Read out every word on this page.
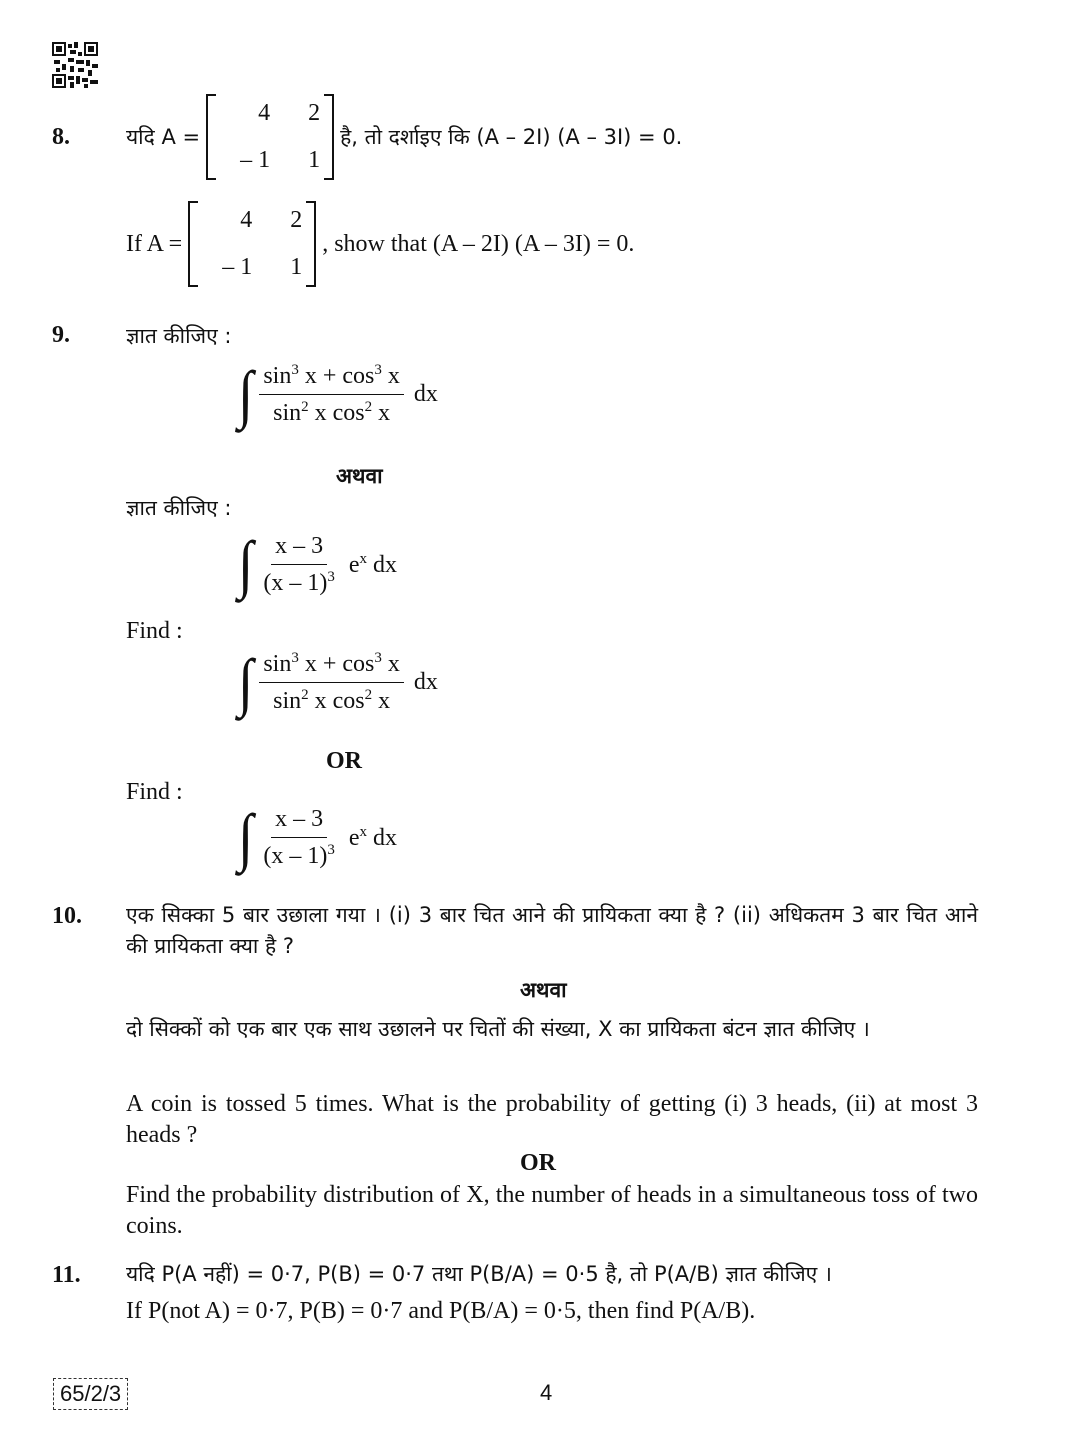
8.	यदि A =
4	2
– 1	1
है, तो दर्शाइए कि (A – 2I) (A – 3I) = 0.
If A =
4	2
– 1	1
, show that (A – 2I) (A – 3I) = 0.
9.	ज्ञात कीजिए :
∫ $\frac{\sin^3 x + \cos^3 x}{\sin^2 x \cos^2 x}$ dx
अथवा
ज्ञात कीजिए :
∫ $\frac{x - 3}{(x - 1)^3} e^x$ dx
Find :
∫ $\frac{\sin^3 x + \cos^3 x}{\sin^2 x \cos^2 x}$ dx
OR
Find :
∫ $\frac{x - 3}{(x - 1)^3} e^x$ dx
10. एक सिक्का 5 बार उछाला गया । (i) 3 बार चित आने की प्रायिकता क्या है ? (ii) अधिकतम 3 बार चित आने की प्रायिकता क्या है ?
अथवा
दो सिक्कों को एक बार एक साथ उछालने पर चितों की संख्या, X का प्रायिकता बंटन ज्ञात कीजिए ।
A coin is tossed 5 times. What is the probability of getting (i) 3 heads, (ii) at most 3 heads ?
OR
Find the probability distribution of X, the number of heads in a simultaneous toss of two coins.
11. यदि P(A नहीं) = 0·7, P(B) = 0·7 तथा P(B/A) = 0·5 है, तो P(A/B) ज्ञात कीजिए ।
If P(not A) = 0·7, P(B) = 0·7 and P(B/A) = 0·5, then find P(A/B).
65/2/3	4
